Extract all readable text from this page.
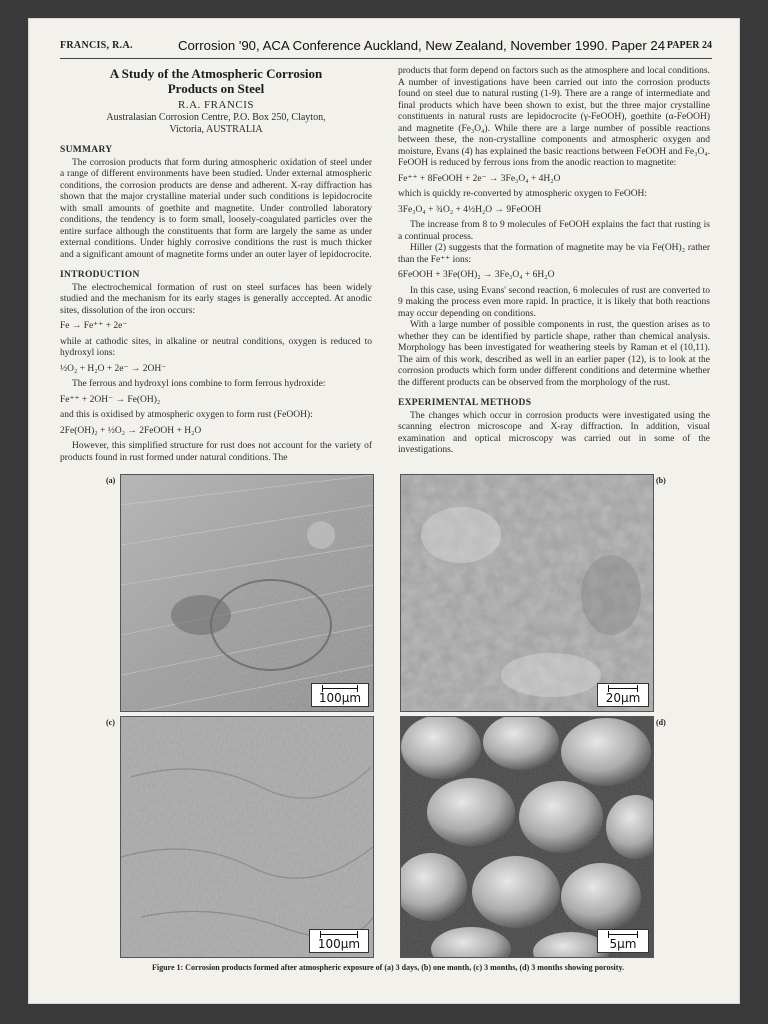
FRANCIS, R.A.	Corrosion '90, ACA Conference Auckland, New Zealand, November 1990. Paper 24 PAPER 24

A Study of the Atmospheric Corrosion

Products on Steel

R.A. FRANCIS

Australasian Corrosion Centre, P.O. Box 250, Clayton,

Victoria, AUSTRALIA

SUMMARY

The corrosion products that form during atmospheric oxidation of steel under a range of different environments have been studied. Under external atmospheric conditions, the corrosion products are dense and adherent. X-ray diffraction has shown that the major crystalline material under such conditions is lepidocrocite with small amounts of goethite and magnetite. Under controlled laboratory conditions, the tendency is to form small, loosely-coagulated particles over the entire surface although the constituents that form are largely the same as under external conditions. Under highly corrosive conditions the rust is much thicker and a significant amount of magnetite forms under an outer layer of lepidocrocite.

INTRODUCTION

The electrochemical formation of rust on steel surfaces has been widely studied and the mechanism for its early stages is generally acccepted. At anodic sites, dissolution of the iron occurs:

Fe → Fe⁺⁺ + 2e⁻

while at cathodic sites, in alkaline or neutral conditions, oxygen is reduced to hydroxyl ions:

½O₂ + H₂O + 2e⁻ → 2OH⁻

The ferrous and hydroxyl ions combine to form ferrous hydroxide:

Fe⁺⁺ + 2OH⁻ → Fe(OH)₂

and this is oxidised by atmospheric oxygen to form rust (FeOOH):

2Fe(OH)₂ + ½O₂ → 2FeOOH + H₂O

However, this simplified structure for rust does not account for the variety of products found in rust formed under natural conditions. The

products that form depend on factors such as the atmosphere and local conditions. A number of investigations have been carried out into the corrosion products found on steel due to natural rusting (1-9). There are a range of intermediate and final products which have been shown to exist, but the three major crystalline constituents in natural rusts are lepidocrocite (γ-FeOOH), goethite (α-FeOOH) and magnetite (Fe₃O₄). While there are a large number of possible reactions between these, the non-crystalline components and atmospheric oxygen and moisture, Evans (4) has explained the basic reactions between FeOOH and Fe₃O₄. FeOOH is reduced by ferrous ions from the anodic reaction to magnetite:

Fe⁺⁺ + 8FeOOH + 2e⁻ → 3Fe₃O₄ + 4H₂O

which is quickly re-converted by atmospheric oxygen to FeOOH:

3Fe₃O₄ + ¾O₂ + 4½H₂O → 9FeOOH

The increase from 8 to 9 molecules of FeOOH explains the fact that rusting is a continual process.

Hiller (2) suggests that the formation of magnetite may be via Fe(OH)₂ rather than the Fe⁺⁺ ions:

6FeOOH + 3Fe(OH)₂ → 3Fe₃O₄ + 6H₂O

In this case, using Evans' second reaction, 6 molecules of rust are converted to 9 making the process even more rapid. In practice, it is likely that both reactions may occur depending on conditions.

With a large number of possible components in rust, the question arises as to whether they can be identified by particle shape, rather than chemical analysis. Morphology has been investigated for weathering steels by Raman et el (10,11). The aim of this work, described as well in an earlier paper (12), is to look at the corrosion products which form under different conditions and determine whether the different products can be observed from the morphology of the rust.

EXPERIMENTAL METHODS

The changes which occur in corrosion products were investigated using the scanning electron microscope and X-ray diffraction. In addition, visual examination and optical microscopy was carried out in some of the investigations.

(a)
100μm
(b)
20μm
(c)
100μm
(d)
5μm
Figure 1: Corrosion products formed after atmospheric exposure of (a) 3 days, (b) one month, (c) 3 months, (d) 3 months showing porosity.
